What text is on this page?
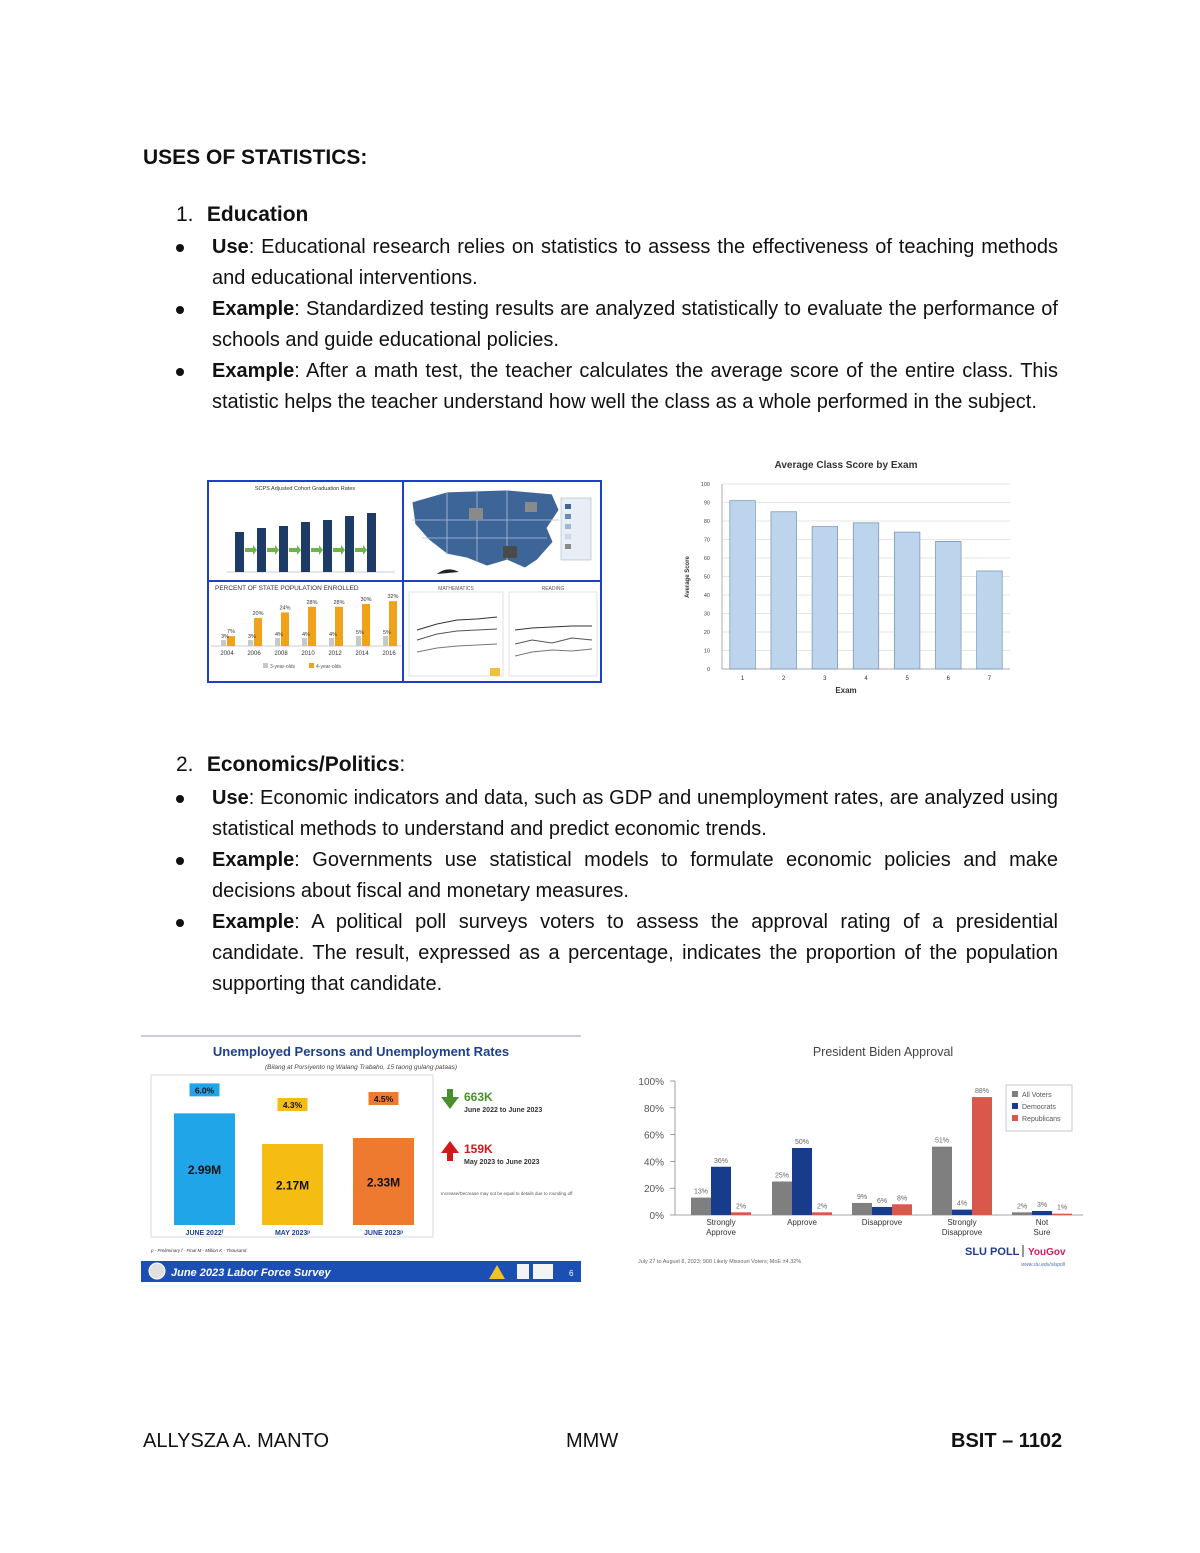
USES OF STATISTICS:
1. Education

Use: Educational research relies on statistics to assess the effectiveness of teaching methods and educational interventions.

Example: Standardized testing results are analyzed statistically to evaluate the performance of schools and guide educational policies.

Example: After a math test, the teacher calculates the average score of the entire class. This statistic helps the teacher understand how well the class as a whole performed in the subject.

SCPS Adjusted Cohort Graduation Rates
PERCENT OF STATE POPULATION ENROLLED
7%
3%
2004
20%
3%
2006
24%
4%
2008
28%
4%
2010
28%
4%
2012
30%
5%
2014
32%
5%
2016
3-year-olds	4-year-olds
MATHEMATICS	READING
Average Class Score by Exam
Exam
Average Score
0
10
20
30
40
50
60
70
80
90
100
1	2	3	4	5	6	7
2. Economics/Politics:

Use: Economic indicators and data, such as GDP and unemployment rates, are analyzed using statistical methods to understand and predict economic trends.

Example: Governments use statistical models to formulate economic policies and make decisions about fiscal and monetary measures.

Example: A political poll surveys voters to assess the approval rating of a presidential candidate. The result, expressed as a percentage, indicates the proportion of the population supporting that candidate.

Unemployed Persons and Unemployment Rates
(Bilang at Porsiyento ng Walang Trabaho, 15 taong gulang pataas)
p - Preliminary f - Final M - Million K - Thousand
June 2023 Labor Force Survey	6
Increase/Decrease may not be equal to details due to rounding off.
2.99M
6.0%
JUNE 2022ᶠ
2.17M
4.3%
MAY 2023ᵖ
2.33M
4.5%
JUNE 2023ᵖ
663K
June 2022 to June 2023
159K
May 2023 to June 2023
President Biden Approval
July 27 to August 8, 2023; 900 Likely Missouri Voters; MoE ±4.32%
SLU POLL YouGov
www.slu.edu/slupoll
0%
20%
40%
60%
80%
100%
13%
36%
2%
Strongly Approve
25%
50%
2%
Approve
9%
6% 8%
Disapprove
51%
4%
88%
Strongly Disapprove
2% 3% 1%
Not Sure
All Voters
Democrats
Republicans
ALLYSZA A. MANTO	MMW	BSIT – 1102
